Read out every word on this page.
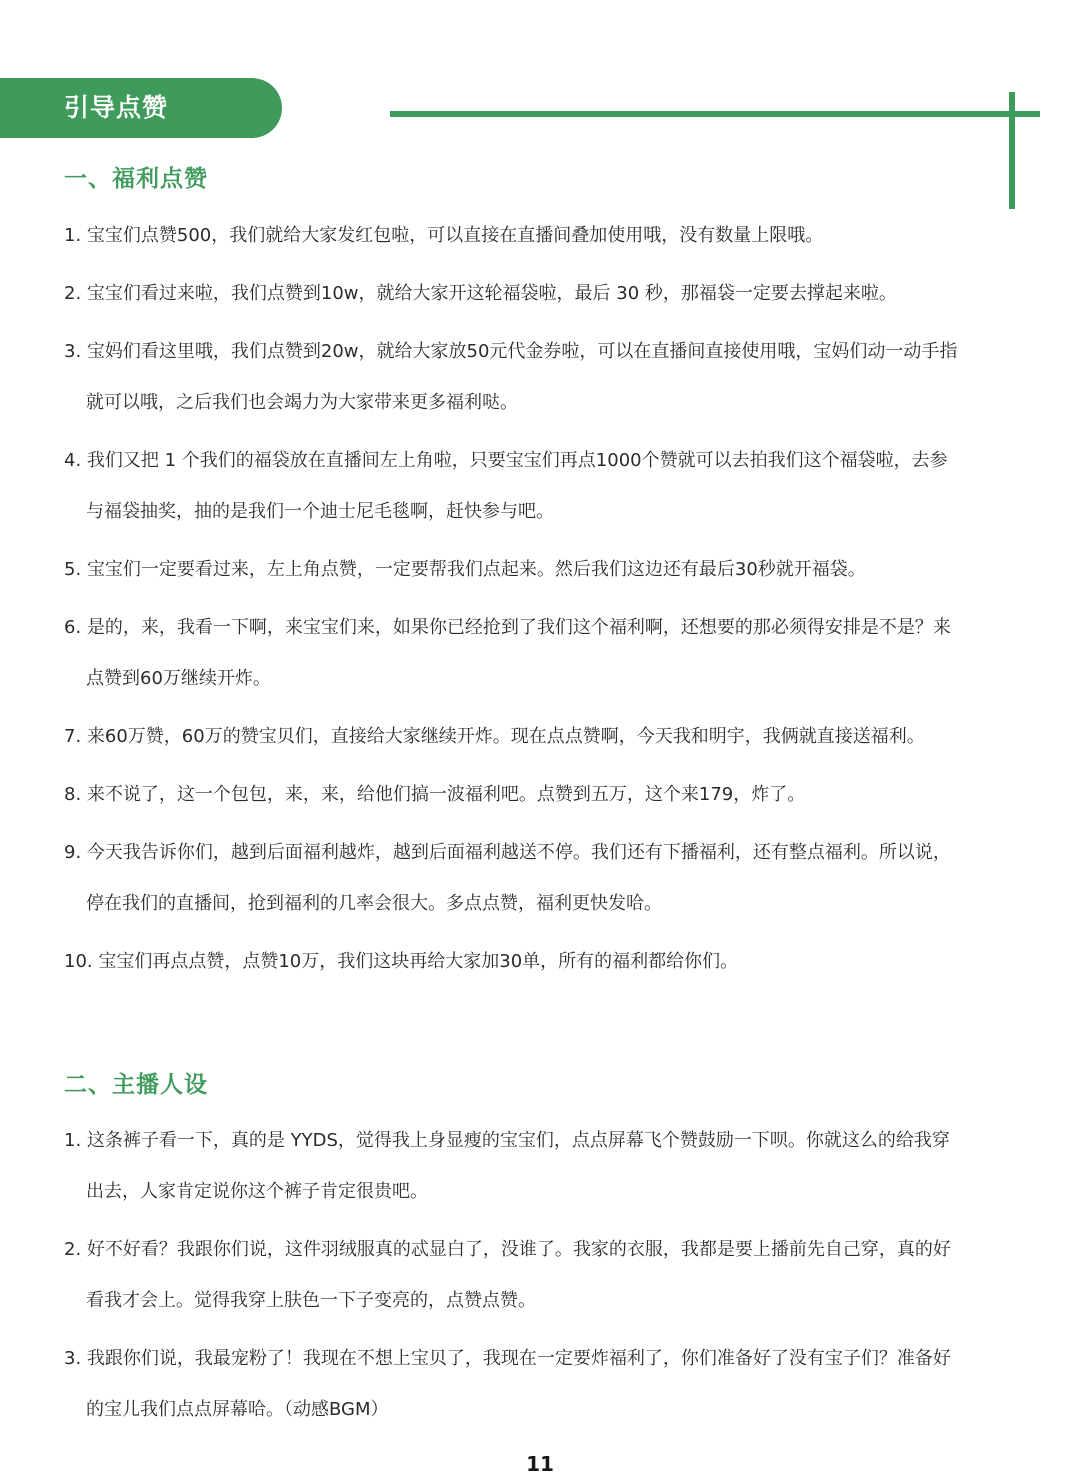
引导点赞
一、福利点赞
1. 宝宝们点赞500，我们就给大家发红包啦，可以直接在直播间叠加使用哦，没有数量上限哦。
2. 宝宝们看过来啦，我们点赞到10w，就给大家开这轮福袋啦，最后 30 秒，那福袋一定要去撑起来啦。
3. 宝妈们看这里哦，我们点赞到20w，就给大家放50元代金券啦，可以在直播间直接使用哦，宝妈们动一动手指
就可以哦，之后我们也会竭力为大家带来更多福利哒。
4. 我们又把 1 个我们的福袋放在直播间左上角啦，只要宝宝们再点1000个赞就可以去拍我们这个福袋啦，去参
与福袋抽奖，抽的是我们一个迪士尼毛毯啊，赶快参与吧。
5. 宝宝们一定要看过来，左上角点赞，一定要帮我们点起来。然后我们这边还有最后30秒就开福袋。
6. 是的，来，我看一下啊，来宝宝们来，如果你已经抢到了我们这个福利啊，还想要的那必须得安排是不是？来
点赞到60万继续开炸。
7. 来60万赞，60万的赞宝贝们，直接给大家继续开炸。现在点点赞啊，今天我和明宇，我俩就直接送福利。
8. 来不说了，这一个包包，来，来，给他们搞一波福利吧。点赞到五万，这个来179，炸了。
9. 今天我告诉你们，越到后面福利越炸，越到后面福利越送不停。我们还有下播福利，还有整点福利。所以说，
停在我们的直播间，抢到福利的几率会很大。多点点赞，福利更快发哈。
10. 宝宝们再点点赞，点赞10万，我们这块再给大家加30单，所有的福利都给你们。
二、主播人设
1. 这条裤子看一下，真的是 YYDS，觉得我上身显瘦的宝宝们，点点屏幕飞个赞鼓励一下呗。你就这么的给我穿
出去，人家肯定说你这个裤子肯定很贵吧。
2. 好不好看？我跟你们说，这件羽绒服真的忒显白了，没谁了。我家的衣服，我都是要上播前先自己穿，真的好
看我才会上。觉得我穿上肤色一下子变亮的，点赞点赞。
3. 我跟你们说，我最宠粉了！我现在不想上宝贝了，我现在一定要炸福利了，你们准备好了没有宝子们？准备好
的宝儿我们点点屏幕哈。（动感BGM）
11
